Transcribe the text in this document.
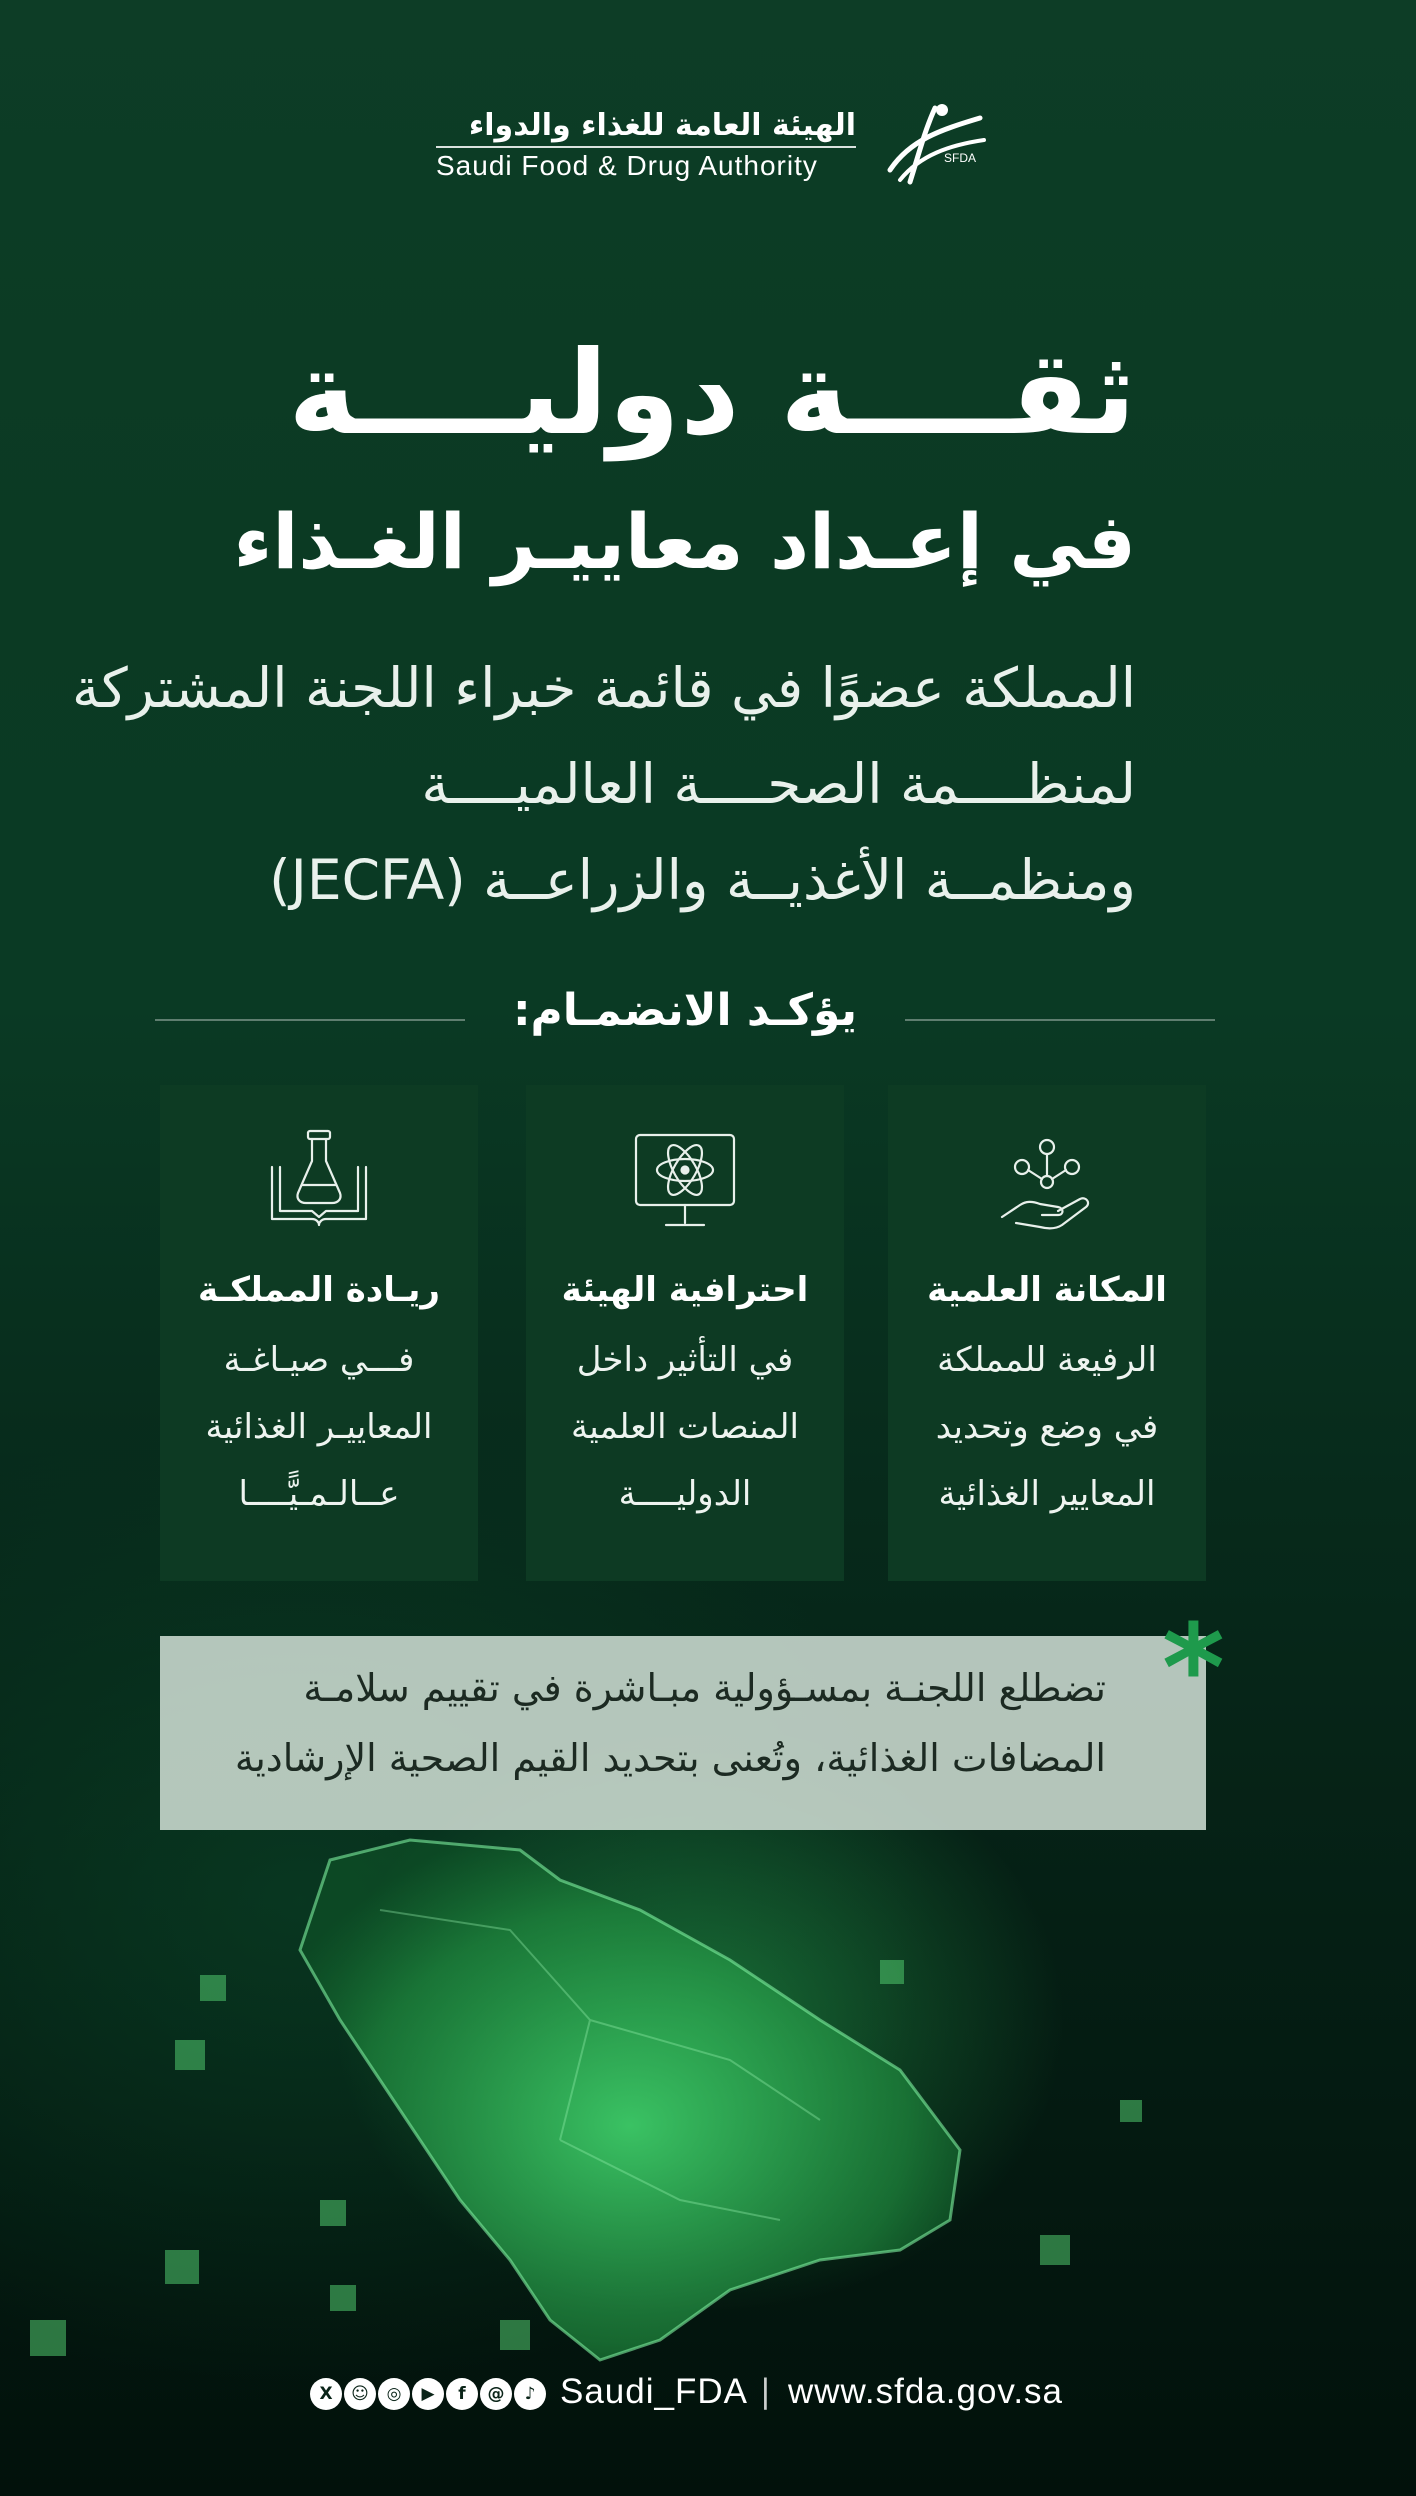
SFDA
الهيئة العامة للغذاء والدواء
Saudi Food & Drug Authority
ثقــــة دوليــــة
في إعـداد معاييـر الغـذاء
المملكة عضوًا في قائمة خبراء اللجنة المشتركة
لمنظــــمة الصحــــة العالميــــة
ومنظمــة الأغذيــة والزراعــة (JECFA)
يؤكـد الانضمـام:
المكانة العلمية
الرفيعة للمملكة
في وضع وتحديد
المعايير الغذائية
احترافية الهيئة
في التأثير داخل
المنصات العلمية
الدوليــــة
ريـادة المملكـة
فـــي صيـاغـة
المعاييـر الغذائية
عــالـمـيًّــــا
تضطلع اللجنـة بمسـؤولية مبـاشرة في تقييم سلامـة
المضافات الغذائية، وتُعنى بتحديد القيم الصحية الإرشادية
*
X	☺	◎	▶	f	@	♪ Saudi_FDA | www.sfda.gov.sa
